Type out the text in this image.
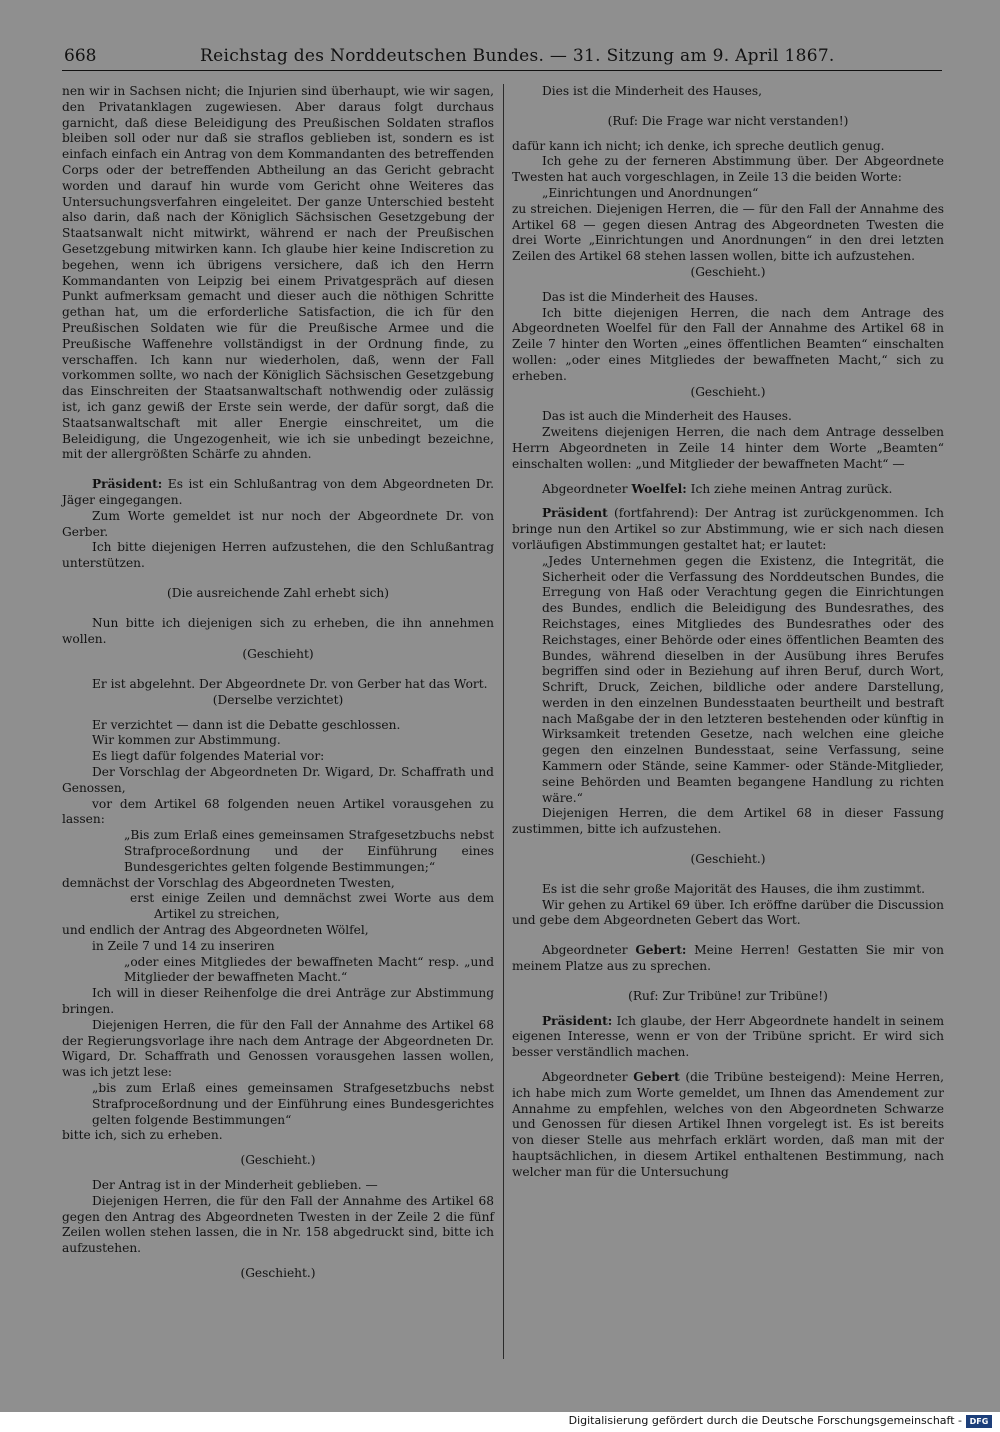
668	Reichstag des Norddeutschen Bundes. — 31. Sitzung am 9. April 1867.

nen wir in Sachsen nicht; die Injurien sind überhaupt, wie wir sagen, den Privatanklagen zugewiesen. Aber daraus folgt durchaus garnicht, daß diese Beleidigung des Preußischen Soldaten straflos bleiben soll oder nur daß sie straflos geblieben ist, sondern es ist einfach einfach ein Antrag von dem Kommandanten des betreffenden Corps oder der betreffenden Abtheilung an das Gericht gebracht worden und darauf hin wurde vom Gericht ohne Weiteres das Untersuchungsverfahren eingeleitet. Der ganze Unterschied besteht also darin, daß nach der Königlich Sächsischen Gesetzgebung der Staatsanwalt nicht mitwirkt, während er nach der Preußischen Gesetzgebung mitwirken kann. Ich glaube hier keine Indiscretion zu begehen, wenn ich übrigens versichere, daß ich den Herrn Kommandanten von Leipzig bei einem Privatgespräch auf diesen Punkt aufmerksam gemacht und dieser auch die nöthigen Schritte gethan hat, um die erforderliche Satisfaction, die ich für den Preußischen Soldaten wie für die Preußische Armee und die Preußische Waffenehre vollständigst in der Ordnung finde, zu verschaffen. Ich kann nur wiederholen, daß, wenn der Fall vorkommen sollte, wo nach der Königlich Sächsischen Gesetzgebung das Einschreiten der Staatsanwaltschaft nothwendig oder zulässig ist, ich ganz gewiß der Erste sein werde, der dafür sorgt, daß die Staatsanwaltschaft mit aller Energie einschreitet, um die Beleidigung, die Ungezogenheit, wie ich sie unbedingt bezeichne, mit der allergrößten Schärfe zu ahnden.

Präsident: Es ist ein Schlußantrag von dem Abgeordneten Dr. Jäger eingegangen.

Zum Worte gemeldet ist nur noch der Abgeordnete Dr. von Gerber.

Ich bitte diejenigen Herren aufzustehen, die den Schlußantrag unterstützen.

(Die ausreichende Zahl erhebt sich)

Nun bitte ich diejenigen sich zu erheben, die ihn annehmen wollen.

(Geschieht)

Er ist abgelehnt. Der Abgeordnete Dr. von Gerber hat das Wort.

(Derselbe verzichtet)

Er verzichtet — dann ist die Debatte geschlossen.

Wir kommen zur Abstimmung.

Es liegt dafür folgendes Material vor:

Der Vorschlag der Abgeordneten Dr. Wigard, Dr. Schaffrath und Genossen,

vor dem Artikel 68 folgenden neuen Artikel vorausgehen zu lassen:

„Bis zum Erlaß eines gemeinsamen Strafgesetzbuchs nebst Strafproceßordnung und der Einführung eines Bundesgerichtes gelten folgende Bestimmungen;“

demnächst der Vorschlag des Abgeordneten Twesten,

erst einige Zeilen und demnächst zwei Worte aus dem Artikel zu streichen,

und endlich der Antrag des Abgeordneten Wölfel,

in Zeile 7 und 14 zu inseriren

„oder eines Mitgliedes der bewaffneten Macht“ resp. „und Mitglieder der bewaffneten Macht.“

Ich will in dieser Reihenfolge die drei Anträge zur Abstimmung bringen.

Diejenigen Herren, die für den Fall der Annahme des Artikel 68 der Regierungsvorlage ihre nach dem Antrage der Abgeordneten Dr. Wigard, Dr. Schaffrath und Genossen vorausgehen lassen wollen, was ich jetzt lese:

„bis zum Erlaß eines gemeinsamen Strafgesetzbuchs nebst Strafproceßordnung und der Einführung eines Bundesgerichtes gelten folgende Bestimmungen“

bitte ich, sich zu erheben.

(Geschieht.)

Der Antrag ist in der Minderheit geblieben. —

Diejenigen Herren, die für den Fall der Annahme des Artikel 68 gegen den Antrag des Abgeordneten Twesten in der Zeile 2 die fünf Zeilen wollen stehen lassen, die in Nr. 158 abgedruckt sind, bitte ich aufzustehen.

(Geschieht.)

Dies ist die Minderheit des Hauses,

(Ruf: Die Frage war nicht verstanden!)

dafür kann ich nicht; ich denke, ich spreche deutlich genug.

Ich gehe zu der ferneren Abstimmung über. Der Abgeordnete Twesten hat auch vorgeschlagen, in Zeile 13 die beiden Worte:

„Einrichtungen und Anordnungen“

zu streichen. Diejenigen Herren, die — für den Fall der Annahme des Artikel 68 — gegen diesen Antrag des Abgeordneten Twesten die drei Worte „Einrichtungen und Anordnungen“ in den drei letzten Zeilen des Artikel 68 stehen lassen wollen, bitte ich aufzustehen.

(Geschieht.)

Das ist die Minderheit des Hauses.

Ich bitte diejenigen Herren, die nach dem Antrage des Abgeordneten Woelfel für den Fall der Annahme des Artikel 68 in Zeile 7 hinter den Worten „eines öffentlichen Beamten“ einschalten wollen: „oder eines Mitgliedes der bewaffneten Macht,“ sich zu erheben.

(Geschieht.)

Das ist auch die Minderheit des Hauses.

Zweitens diejenigen Herren, die nach dem Antrage desselben Herrn Abgeordneten in Zeile 14 hinter dem Worte „Beamten“ einschalten wollen: „und Mitglieder der bewaffneten Macht“ —

Abgeordneter Woelfel: Ich ziehe meinen Antrag zurück.

Präsident (fortfahrend): Der Antrag ist zurückgenommen. Ich bringe nun den Artikel so zur Abstimmung, wie er sich nach diesen vorläufigen Abstimmungen gestaltet hat; er lautet:

„Jedes Unternehmen gegen die Existenz, die Integrität, die Sicherheit oder die Verfassung des Norddeutschen Bundes, die Erregung von Haß oder Verachtung gegen die Einrichtungen des Bundes, endlich die Beleidigung des Bundesrathes, des Reichstages, eines Mitgliedes des Bundesrathes oder des Reichstages, einer Behörde oder eines öffentlichen Beamten des Bundes, während dieselben in der Ausübung ihres Berufes begriffen sind oder in Beziehung auf ihren Beruf, durch Wort, Schrift, Druck, Zeichen, bildliche oder andere Darstellung, werden in den einzelnen Bundesstaaten beurtheilt und bestraft nach Maßgabe der in den letzteren bestehenden oder künftig in Wirksamkeit tretenden Gesetze, nach welchen eine gleiche gegen den einzelnen Bundesstaat, seine Verfassung, seine Kammern oder Stände, seine Kammer- oder Stände-Mitglieder, seine Behörden und Beamten begangene Handlung zu richten wäre.“

Diejenigen Herren, die dem Artikel 68 in dieser Fassung zustimmen, bitte ich aufzustehen.

(Geschieht.)

Es ist die sehr große Majorität des Hauses, die ihm zustimmt.

Wir gehen zu Artikel 69 über. Ich eröffne darüber die Discussion und gebe dem Abgeordneten Gebert das Wort.

Abgeordneter Gebert: Meine Herren! Gestatten Sie mir von meinem Platze aus zu sprechen.

(Ruf: Zur Tribüne! zur Tribüne!)

Präsident: Ich glaube, der Herr Abgeordnete handelt in seinem eigenen Interesse, wenn er von der Tribüne spricht. Er wird sich besser verständlich machen.

Abgeordneter Gebert (die Tribüne besteigend): Meine Herren, ich habe mich zum Worte gemeldet, um Ihnen das Amendement zur Annahme zu empfehlen, welches von den Abgeordneten Schwarze und Genossen für diesen Artikel Ihnen vorgelegt ist. Es ist bereits von dieser Stelle aus mehrfach erklärt worden, daß man mit der hauptsächlichen, in diesem Artikel enthaltenen Bestimmung, nach welcher man für die Untersuchung

Digitalisierung gefördert durch die Deutsche Forschungsgemeinschaft - DFG
